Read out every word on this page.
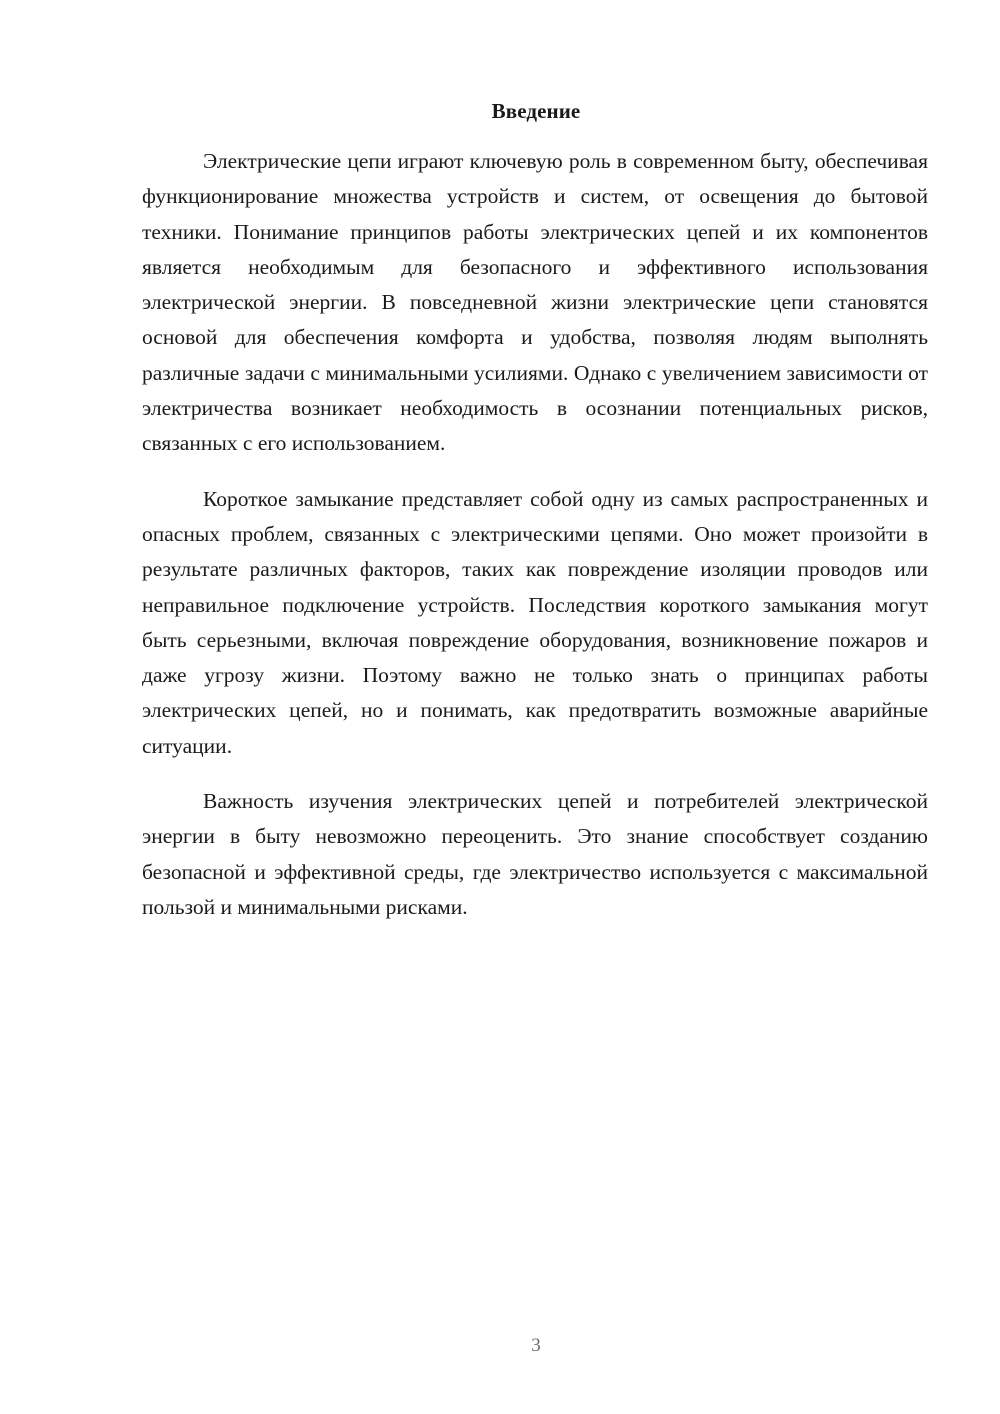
Введение

Электрические цепи играют ключевую роль в современном быту, обеспечивая функционирование множества устройств и систем, от освещения до бытовой техники. Понимание принципов работы электрических цепей и их компонентов является необходимым для безопасного и эффективного использования электрической энергии. В повседневной жизни электрические цепи становятся основой для обеспечения комфорта и удобства, позволяя людям выполнять различные задачи с минимальными усилиями. Однако с увеличением зависимости от электричества возникает необходимость в осознании потенциальных рисков, связанных с его использованием.

Короткое замыкание представляет собой одну из самых распространенных и опасных проблем, связанных с электрическими цепями. Оно может произойти в результате различных факторов, таких как повреждение изоляции проводов или неправильное подключение устройств. Последствия короткого замыкания могут быть серьезными, включая повреждение оборудования, возникновение пожаров и даже угрозу жизни. Поэтому важно не только знать о принципах работы электрических цепей, но и понимать, как предотвратить возможные аварийные ситуации.

Важность изучения электрических цепей и потребителей электрической энергии в быту невозможно переоценить. Это знание способствует созданию безопасной и эффективной среды, где электричество используется с максимальной пользой и минимальными рисками.

3
